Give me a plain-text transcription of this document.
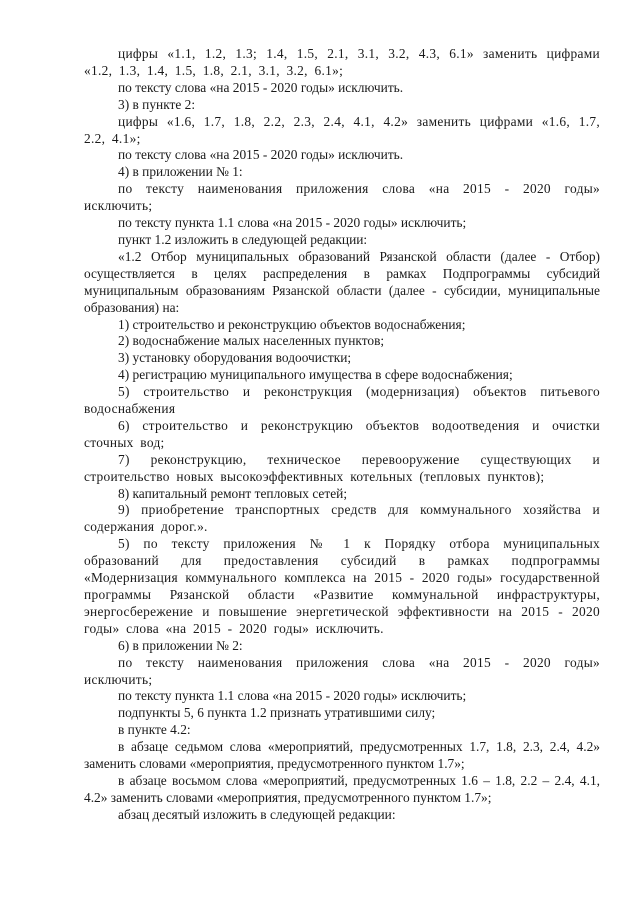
цифры «1.1, 1.2, 1.3; 1.4, 1.5, 2.1, 3.1, 3.2, 4.3, 6.1» заменить цифрами «1.2, 1.3, 1.4, 1.5, 1.8, 2.1, 3.1, 3.2, 6.1»;

по тексту слова «на 2015 - 2020 годы» исключить.

3) в пункте 2:

цифры «1.6, 1.7, 1.8, 2.2, 2.3, 2.4, 4.1, 4.2» заменить цифрами «1.6, 1.7, 2.2, 4.1»;

по тексту слова «на 2015 - 2020 годы» исключить.

4) в приложении № 1:

по тексту наименования приложения слова «на 2015 - 2020 годы» исключить;

по тексту пункта 1.1 слова «на 2015 - 2020 годы» исключить;

пункт 1.2 изложить в следующей редакции:

«1.2 Отбор муниципальных образований Рязанской области (далее - Отбор) осуществляется в целях распределения в рамках Подпрограммы субсидий муниципальным образованиям Рязанской области (далее - субсидии, муниципальные образования) на:

1) строительство и реконструкцию объектов водоснабжения;

2) водоснабжение малых населенных пунктов;

3) установку оборудования водоочистки;

4) регистрацию муниципального имущества в сфере водоснабжения;

5) строительство и реконструкция (модернизация) объектов питьевого водоснабжения

6) строительство и реконструкцию объектов водоотведения и очистки сточных вод;

7) реконструкцию, техническое перевооружение существующих и строительство новых высокоэффективных котельных (тепловых пунктов);

8) капитальный ремонт тепловых сетей;

9) приобретение транспортных средств для коммунального хозяйства и содержания дорог.».

5) по тексту приложения № 1 к Порядку отбора муниципальных образований для предоставления субсидий в рамках подпрограммы «Модернизация коммунального комплекса на 2015 - 2020 годы» государственной программы Рязанской области «Развитие коммунальной инфраструктуры, энергосбережение и повышение энергетической эффективности на 2015 - 2020 годы» слова «на 2015 - 2020 годы» исключить.

6) в приложении № 2:

по тексту наименования приложения слова «на 2015 - 2020 годы» исключить;

по тексту пункта 1.1 слова «на 2015 - 2020 годы» исключить;

подпункты 5, 6 пункта 1.2 признать утратившими силу;

в пункте 4.2:

в абзаце седьмом слова «мероприятий, предусмотренных 1.7, 1.8, 2.3, 2.4, 4.2» заменить словами «мероприятия, предусмотренного пунктом 1.7»;

в абзаце восьмом слова «мероприятий, предусмотренных 1.6 – 1.8, 2.2 – 2.4, 4.1, 4.2» заменить словами «мероприятия, предусмотренного пунктом 1.7»;

абзац десятый изложить в следующей редакции:
